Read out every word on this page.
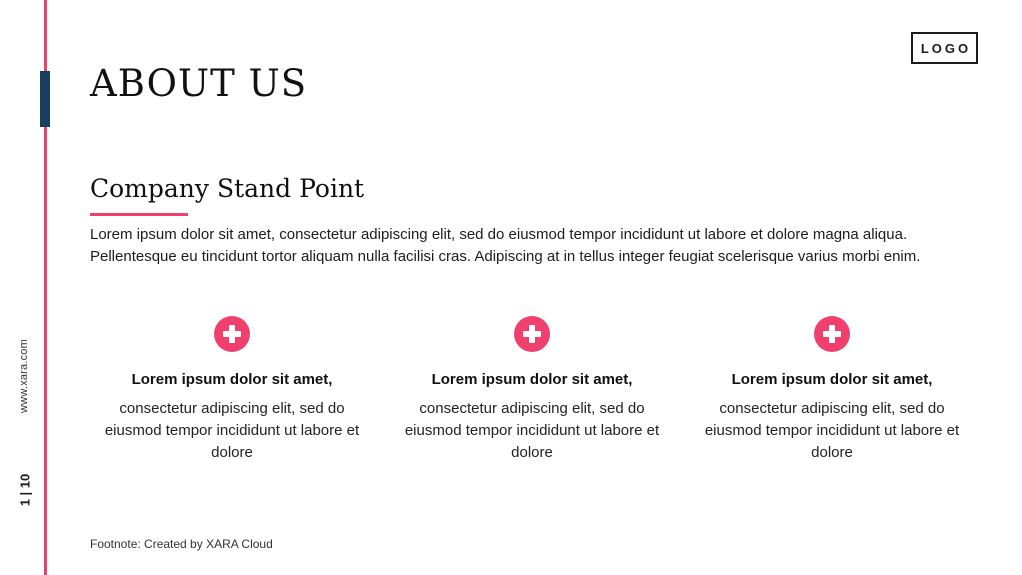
www.xara.com
1 | 10
LOGO
ABOUT US
Company Stand Point

Lorem ipsum dolor sit amet, consectetur adipiscing elit, sed do eiusmod tempor incididunt ut labore et dolore magna aliqua. Pellentesque eu tincidunt tortor aliquam nulla facilisi cras. Adipiscing at in tellus integer feugiat scelerisque varius morbi enim.

Lorem ipsum dolor sit amet,
consectetur adipiscing elit, sed do eiusmod tempor incididunt ut labore et dolore
Lorem ipsum dolor sit amet,
consectetur adipiscing elit, sed do eiusmod tempor incididunt ut labore et dolore
Lorem ipsum dolor sit amet,
consectetur adipiscing elit, sed do eiusmod tempor incididunt ut labore et dolore
Footnote: Created by XARA Cloud
